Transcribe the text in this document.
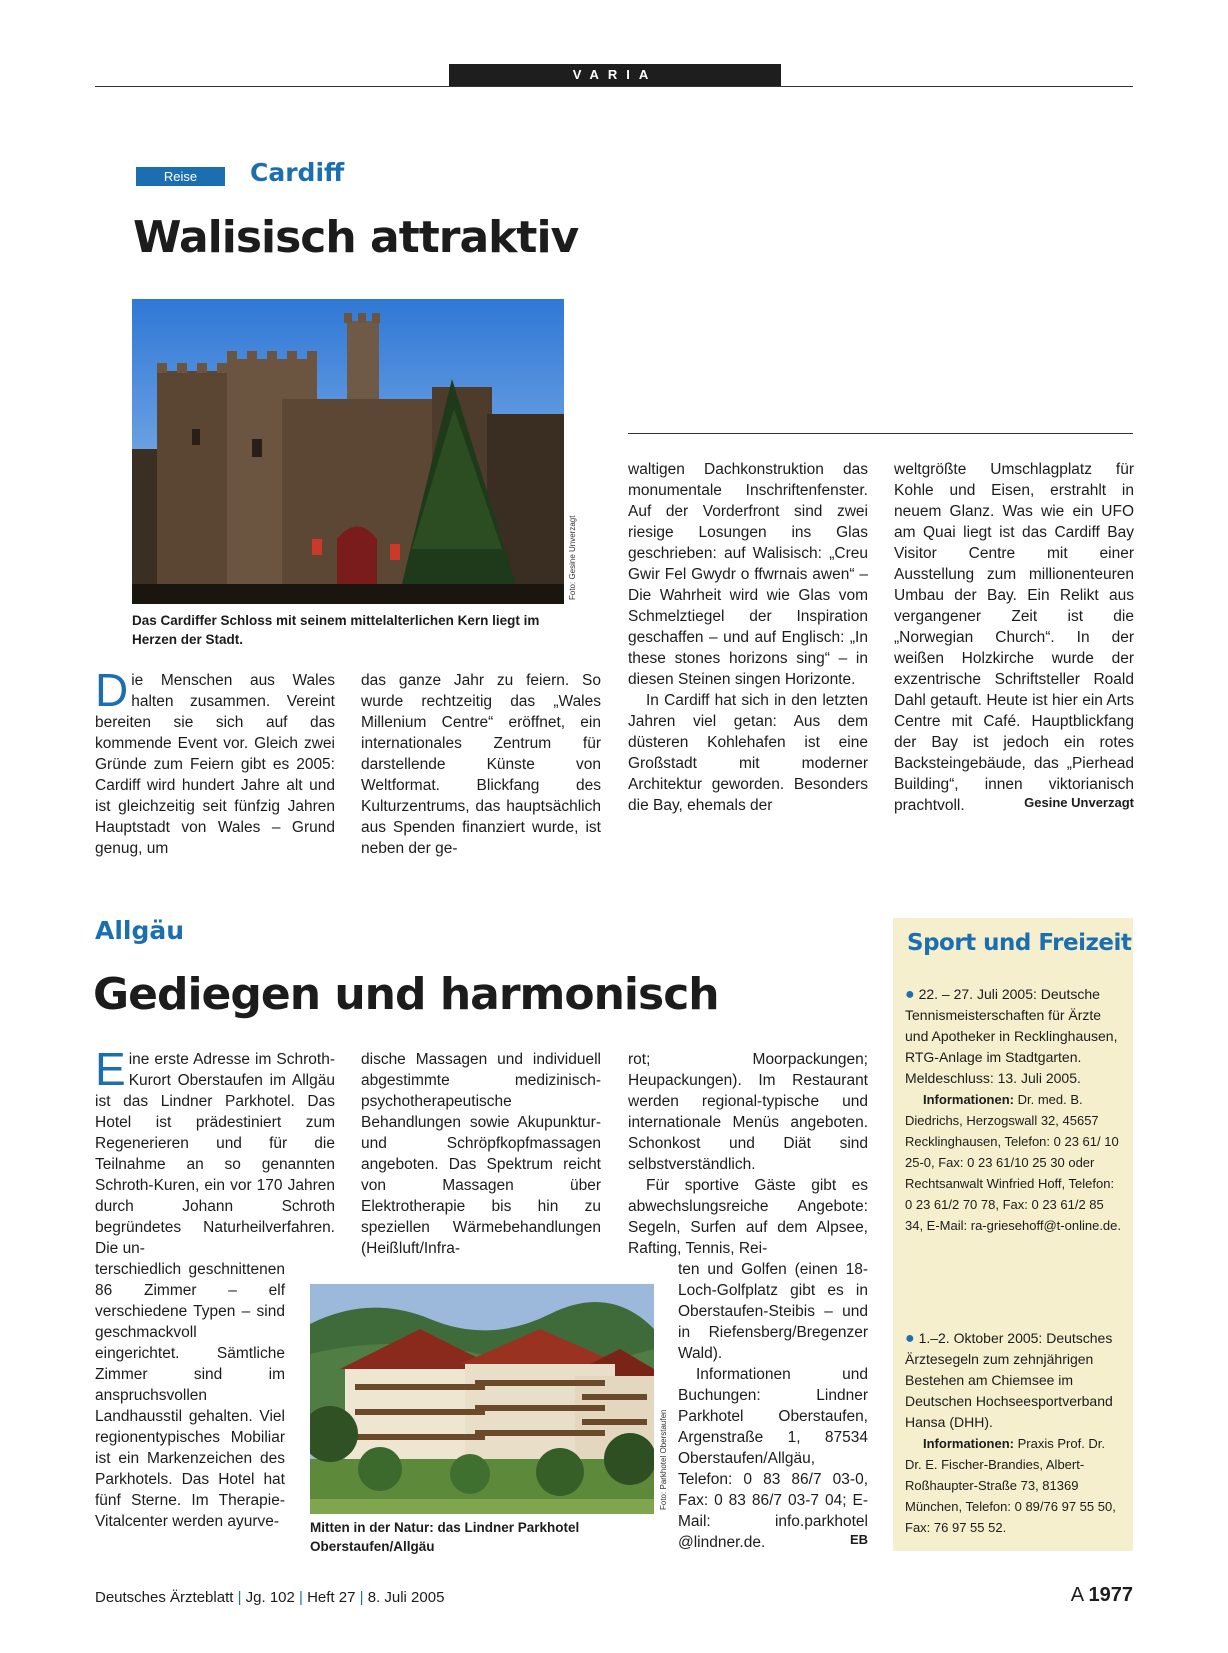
VARIA
Reise	Cardiff
Walisisch attraktiv
Foto: Gesine Unverzagt
Das Cardiffer Schloss mit seinem mittelalterlichen Kern liegt im Herzen der Stadt.

Die Menschen aus Wales halten zusammen. Vereint bereiten sie sich auf das kommende Event vor. Gleich zwei Gründe zum Feiern gibt es 2005: Cardiff wird hundert Jahre alt und ist gleichzeitig seit fünfzig Jahren Hauptstadt von Wales – Grund genug, um

das ganze Jahr zu feiern. So wurde rechtzeitig das „Wales Millenium Centre“ eröffnet, ein internationales Zentrum für darstellende Künste von Weltformat. Blickfang des Kulturzentrums, das hauptsächlich aus Spenden finanziert wurde, ist neben der ge-

waltigen Dachkonstruktion das monumentale Inschriftenfenster. Auf der Vorderfront sind zwei riesige Losungen ins Glas geschrieben: auf Walisisch: „Creu Gwir Fel Gwydr o ffwrnais awen“ – Die Wahrheit wird wie Glas vom Schmelztiegel der Inspiration geschaffen – und auf Englisch: „In these stones horizons sing“ – in diesen Steinen singen Horizonte.

In Cardiff hat sich in den letzten Jahren viel getan: Aus dem düsteren Kohlehafen ist eine Großstadt mit moderner Architektur geworden. Besonders die Bay, ehemals der

weltgrößte Umschlagplatz für Kohle und Eisen, erstrahlt in neuem Glanz. Was wie ein UFO am Quai liegt ist das Cardiff Bay Visitor Centre mit einer Ausstellung zum millionenteuren Umbau der Bay. Ein Relikt aus vergangener Zeit ist die „Norwegian Church“. In der weißen Holzkirche wurde der exzentrische Schriftsteller Roald Dahl getauft. Heute ist hier ein Arts Centre mit Café. Hauptblickfang der Bay ist jedoch ein rotes Backsteingebäude, das „Pierhead Building“, innen viktorianisch prachtvoll.	Gesine Unverzagt

Allgäu
Gediegen und harmonisch

Eine erste Adresse im Schroth-Kurort Oberstaufen im Allgäu ist das Lindner Parkhotel. Das Hotel ist prädestiniert zum Regenerieren und für die Teilnahme an so genannten Schroth-Kuren, ein vor 170 Jahren durch Johann Schroth begründetes Naturheilverfahren. Die un-

terschiedlich geschnittenen 86 Zimmer – elf verschiedene Typen – sind geschmackvoll eingerichtet. Sämtliche Zimmer sind im anspruchsvollen Landhausstil gehalten. Viel regionentypisches Mobiliar ist ein Markenzeichen des Parkhotels. Das Hotel hat fünf Sterne. Im Therapie-Vitalcenter werden ayurve-

dische Massagen und individuell abgestimmte medizinisch-psychotherapeutische Behandlungen sowie Akupunktur- und Schröpfkopfmassagen angeboten. Das Spektrum reicht von Massagen über Elektrotherapie bis hin zu speziellen Wärmebehandlungen (Heißluft/Infra-

rot; Moorpackungen; Heupackungen). Im Restaurant werden regional-typische und internationale Menüs angeboten. Schonkost und Diät sind selbstverständlich.

Für sportive Gäste gibt es abwechslungsreiche Angebote: Segeln, Surfen auf dem Alpsee, Rafting, Tennis, Rei-

ten und Golfen (einen 18-Loch-Golfplatz gibt es in Oberstaufen-Steibis – und in Riefensberg/Bregenzer Wald).

Informationen und Buchungen: Lindner Parkhotel Oberstaufen, Argenstraße 1, 87534 Oberstaufen/Allgäu, Telefon: 0 83 86/7 03-0, Fax: 0 83 86/7 03-7 04; E-Mail: info.parkhotel @lindner.de.	EB

Foto: Parkhotel Oberstaufen
Mitten in der Natur: das Lindner Parkhotel Oberstaufen/Allgäu
Sport und Freizeit
● 22. – 27. Juli 2005: Deutsche Tennismeisterschaften für Ärzte und Apotheker in Recklinghausen, RTG-Anlage im Stadtgarten. Meldeschluss: 13. Juli 2005.
Informationen: Dr. med. B. Diedrichs, Herzogswall 32, 45657 Recklinghausen, Telefon: 0 23 61/ 10 25-0, Fax: 0 23 61/10 25 30 oder Rechtsanwalt Winfried Hoff, Telefon: 0 23 61/2 70 78, Fax: 0 23 61/2 85 34, E-Mail: ra-griesehoff@t-online.de.
● 1.–2. Oktober 2005: Deutsches Ärztesegeln zum zehnjährigen Bestehen am Chiemsee im Deutschen Hochseesportverband Hansa (DHH).
Informationen: Praxis Prof. Dr. Dr. E. Fischer-Brandies, Albert-Roßhaupter-Straße 73, 81369 München, Telefon: 0 89/76 97 55 50, Fax: 76 97 55 52.
Deutsches Ärzteblatt | Jg. 102 | Heft 27 | 8. Juli 2005	A 1977
